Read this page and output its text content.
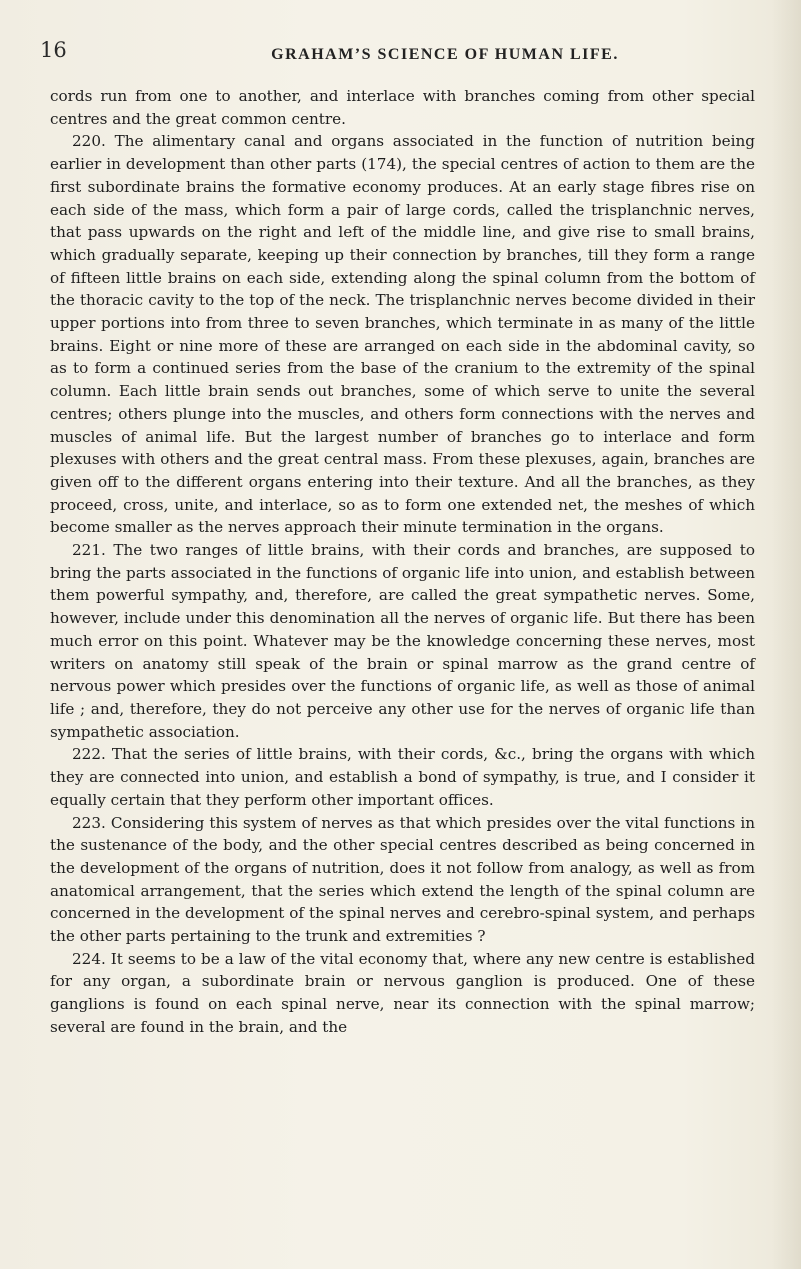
16	GRAHAM’S SCIENCE OF HUMAN LIFE.

cords run from one to another, and interlace with branches coming from other special centres and the great common centre.

220. The alimentary canal and organs associated in the function of nutrition being earlier in development than other parts (174), the special centres of action to them are the first subordinate brains the formative economy produces. At an early stage fibres rise on each side of the mass, which form a pair of large cords, called the trisplanchnic nerves, that pass upwards on the right and left of the middle line, and give rise to small brains, which gradually separate, keeping up their connection by branches, till they form a range of fifteen little brains on each side, extending along the spinal column from the bottom of the thoracic cavity to the top of the neck. The trisplanchnic nerves become divided in their upper portions into from three to seven branches, which terminate in as many of the little brains. Eight or nine more of these are arranged on each side in the abdominal cavity, so as to form a continued series from the base of the cranium to the extremity of the spinal column. Each little brain sends out branches, some of which serve to unite the several centres; others plunge into the muscles, and others form connections with the nerves and muscles of animal life. But the largest number of branches go to interlace and form plexuses with others and the great central mass. From these plexuses, again, branches are given off to the different organs entering into their texture. And all the branches, as they proceed, cross, unite, and interlace, so as to form one extended net, the meshes of which become smaller as the nerves approach their minute termination in the organs.

221. The two ranges of little brains, with their cords and branches, are supposed to bring the parts associated in the functions of organic life into union, and establish between them powerful sympathy, and, therefore, are called the great sympathetic nerves. Some, however, include under this denomination all the nerves of organic life. But there has been much error on this point. Whatever may be the knowledge concerning these nerves, most writers on anatomy still speak of the brain or spinal marrow as the grand centre of nervous power which presides over the functions of organic life, as well as those of animal life ; and, therefore, they do not perceive any other use for the nerves of organic life than sympathetic association.

222. That the series of little brains, with their cords, &c., bring the organs with which they are connected into union, and establish a bond of sympathy, is true, and I consider it equally certain that they perform other important offices.

223. Considering this system of nerves as that which presides over the vital functions in the sustenance of the body, and the other special centres described as being concerned in the development of the organs of nutrition, does it not follow from analogy, as well as from anatomical arrangement, that the series which extend the length of the spinal column are concerned in the development of the spinal nerves and cerebro-spinal system, and perhaps the other parts pertaining to the trunk and extremities ?

224. It seems to be a law of the vital economy that, where any new centre is established for any organ, a subordinate brain or nervous ganglion is produced. One of these ganglions is found on each spinal nerve, near its connection with the spinal marrow; several are found in the brain, and the
